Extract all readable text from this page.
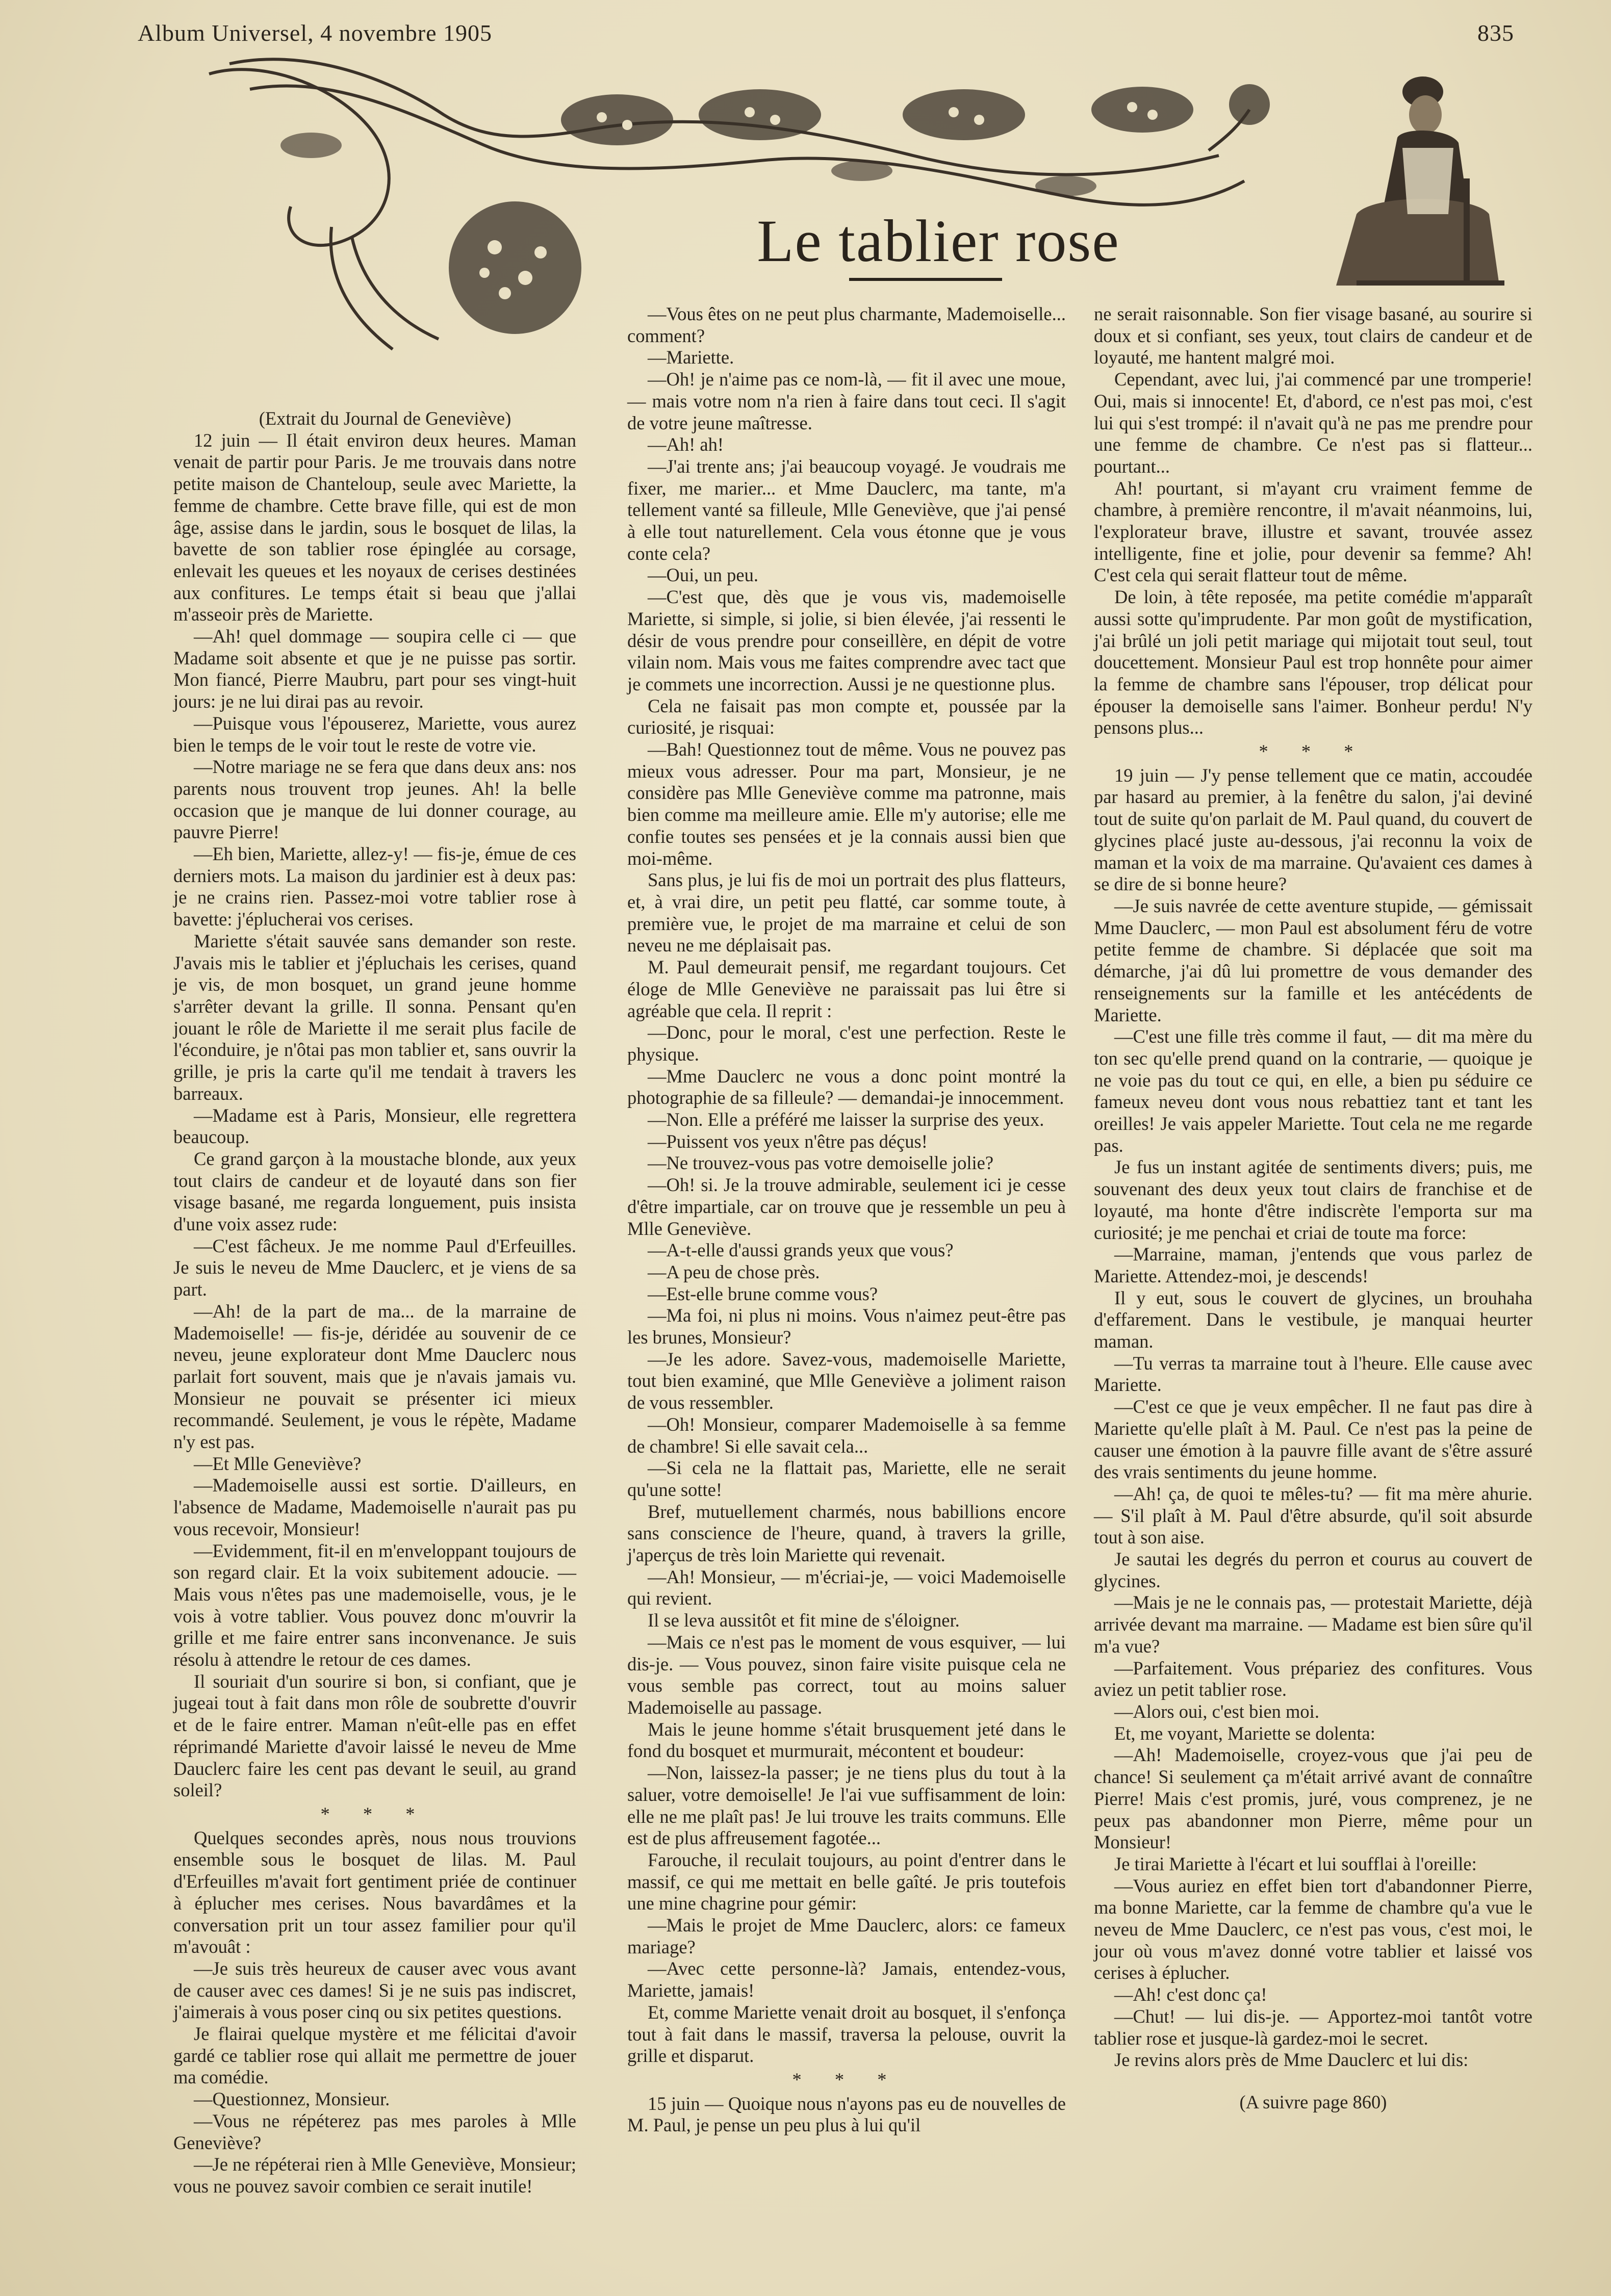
Album Universel, 4 novembre 1905	835
Le tablier rose

(Extrait du Journal de Geneviève)

12 juin — Il était environ deux heures. Maman venait de partir pour Paris. Je me trouvais dans notre petite maison de Chanteloup, seule avec Mariette, la femme de chambre. Cette brave fille, qui est de mon âge, assise dans le jardin, sous le bosquet de lilas, la bavette de son tablier rose épinglée au corsage, enlevait les queues et les noyaux de cerises destinées aux confitures. Le temps était si beau que j'allai m'asseoir près de Mariette.

—Ah! quel dommage — soupira celle ci — que Madame soit absente et que je ne puisse pas sortir. Mon fiancé, Pierre Maubru, part pour ses vingt-huit jours: je ne lui dirai pas au revoir.

—Puisque vous l'épouserez, Mariette, vous aurez bien le temps de le voir tout le reste de votre vie.

—Notre mariage ne se fera que dans deux ans: nos parents nous trouvent trop jeunes. Ah! la belle occasion que je manque de lui donner courage, au pauvre Pierre!

—Eh bien, Mariette, allez-y! — fis-je, émue de ces derniers mots. La maison du jardinier est à deux pas: je ne crains rien. Passez-moi votre tablier rose à bavette: j'éplucherai vos cerises.

Mariette s'était sauvée sans demander son reste. J'avais mis le tablier et j'épluchais les cerises, quand je vis, de mon bosquet, un grand jeune homme s'arrêter devant la grille. Il sonna. Pensant qu'en jouant le rôle de Mariette il me serait plus facile de l'éconduire, je n'ôtai pas mon tablier et, sans ouvrir la grille, je pris la carte qu'il me tendait à travers les barreaux.

—Madame est à Paris, Monsieur, elle regrettera beaucoup.

Ce grand garçon à la moustache blonde, aux yeux tout clairs de candeur et de loyauté dans son fier visage basané, me regarda longuement, puis insista d'une voix assez rude:

—C'est fâcheux. Je me nomme Paul d'Erfeuilles. Je suis le neveu de Mme Dauclerc, et je viens de sa part.

—Ah! de la part de ma... de la marraine de Mademoiselle! — fis-je, déridée au souvenir de ce neveu, jeune explorateur dont Mme Dauclerc nous parlait fort souvent, mais que je n'avais jamais vu. Monsieur ne pouvait se présenter ici mieux recommandé. Seulement, je vous le répète, Madame n'y est pas.

—Et Mlle Geneviève?

—Mademoiselle aussi est sortie. D'ailleurs, en l'absence de Madame, Mademoiselle n'aurait pas pu vous recevoir, Monsieur!

—Evidemment, fit-il en m'enveloppant toujours de son regard clair. Et la voix subitement adoucie. — Mais vous n'êtes pas une mademoiselle, vous, je le vois à votre tablier. Vous pouvez donc m'ouvrir la grille et me faire entrer sans inconvenance. Je suis résolu à attendre le retour de ces dames.

Il souriait d'un sourire si bon, si confiant, que je jugeai tout à fait dans mon rôle de soubrette d'ouvrir et de le faire entrer. Maman n'eût-elle pas en effet réprimandé Mariette d'avoir laissé le neveu de Mme Dauclerc faire les cent pas devant le seuil, au grand soleil?

* * *

Quelques secondes après, nous nous trouvions ensemble sous le bosquet de lilas. M. Paul d'Erfeuilles m'avait fort gentiment priée de continuer à éplucher mes cerises. Nous bavardâmes et la conversation prit un tour assez familier pour qu'il m'avouât :

—Je suis très heureux de causer avec vous avant de causer avec ces dames! Si je ne suis pas indiscret, j'aimerais à vous poser cinq ou six petites questions.

Je flairai quelque mystère et me félicitai d'avoir gardé ce tablier rose qui allait me permettre de jouer ma comédie.

—Questionnez, Monsieur.

—Vous ne répéterez pas mes paroles à Mlle Geneviève?

—Je ne répéterai rien à Mlle Geneviève, Monsieur; vous ne pouvez savoir combien ce serait inutile!

—Vous êtes on ne peut plus charmante, Mademoiselle... comment?

—Mariette.

—Oh! je n'aime pas ce nom-là, — fit il avec une moue, — mais votre nom n'a rien à faire dans tout ceci. Il s'agit de votre jeune maîtresse.

—Ah! ah!

—J'ai trente ans; j'ai beaucoup voyagé. Je voudrais me fixer, me marier... et Mme Dauclerc, ma tante, m'a tellement vanté sa filleule, Mlle Geneviève, que j'ai pensé à elle tout naturellement. Cela vous étonne que je vous conte cela?

—Oui, un peu.

—C'est que, dès que je vous vis, mademoiselle Mariette, si simple, si jolie, si bien élevée, j'ai ressenti le désir de vous prendre pour conseillère, en dépit de votre vilain nom. Mais vous me faites comprendre avec tact que je commets une incorrection. Aussi je ne questionne plus.

Cela ne faisait pas mon compte et, poussée par la curiosité, je risquai:

—Bah! Questionnez tout de même. Vous ne pouvez pas mieux vous adresser. Pour ma part, Monsieur, je ne considère pas Mlle Geneviève comme ma patronne, mais bien comme ma meilleure amie. Elle m'y autorise; elle me confie toutes ses pensées et je la connais aussi bien que moi-même.

Sans plus, je lui fis de moi un portrait des plus flatteurs, et, à vrai dire, un petit peu flatté, car somme toute, à première vue, le projet de ma marraine et celui de son neveu ne me déplaisait pas.

M. Paul demeurait pensif, me regardant toujours. Cet éloge de Mlle Geneviève ne paraissait pas lui être si agréable que cela. Il reprit :

—Donc, pour le moral, c'est une perfection. Reste le physique.

—Mme Dauclerc ne vous a donc point montré la photographie de sa filleule? — demandai-je innocemment.

—Non. Elle a préféré me laisser la surprise des yeux.

—Puissent vos yeux n'être pas déçus!

—Ne trouvez-vous pas votre demoiselle jolie?

—Oh! si. Je la trouve admirable, seulement ici je cesse d'être impartiale, car on trouve que je ressemble un peu à Mlle Geneviève.

—A-t-elle d'aussi grands yeux que vous?

—A peu de chose près.

—Est-elle brune comme vous?

—Ma foi, ni plus ni moins. Vous n'aimez peut-être pas les brunes, Monsieur?

—Je les adore. Savez-vous, mademoiselle Mariette, tout bien examiné, que Mlle Geneviève a joliment raison de vous ressembler.

—Oh! Monsieur, comparer Mademoiselle à sa femme de chambre! Si elle savait cela...

—Si cela ne la flattait pas, Mariette, elle ne serait qu'une sotte!

Bref, mutuellement charmés, nous babillions encore sans conscience de l'heure, quand, à travers la grille, j'aperçus de très loin Mariette qui revenait.

—Ah! Monsieur, — m'écriai-je, — voici Mademoiselle qui revient.

Il se leva aussitôt et fit mine de s'éloigner.

—Mais ce n'est pas le moment de vous esquiver, — lui dis-je. — Vous pouvez, sinon faire visite puisque cela ne vous semble pas correct, tout au moins saluer Mademoiselle au passage.

Mais le jeune homme s'était brusquement jeté dans le fond du bosquet et murmurait, mécontent et boudeur:

—Non, laissez-la passer; je ne tiens plus du tout à la saluer, votre demoiselle! Je l'ai vue suffisamment de loin: elle ne me plaît pas! Je lui trouve les traits communs. Elle est de plus affreusement fagotée...

Farouche, il reculait toujours, au point d'entrer dans le massif, ce qui me mettait en belle gaîté. Je pris toutefois une mine chagrine pour gémir:

—Mais le projet de Mme Dauclerc, alors: ce fameux mariage?

—Avec cette personne-là? Jamais, entendez-vous, Mariette, jamais!

Et, comme Mariette venait droit au bosquet, il s'enfonça tout à fait dans le massif, traversa la pelouse, ouvrit la grille et disparut.

* * *

15 juin — Quoique nous n'ayons pas eu de nouvelles de M. Paul, je pense un peu plus à lui qu'il

ne serait raisonnable. Son fier visage basané, au sourire si doux et si confiant, ses yeux, tout clairs de candeur et de loyauté, me hantent malgré moi.

Cependant, avec lui, j'ai commencé par une tromperie! Oui, mais si innocente! Et, d'abord, ce n'est pas moi, c'est lui qui s'est trompé: il n'avait qu'à ne pas me prendre pour une femme de chambre. Ce n'est pas si flatteur... pourtant...

Ah! pourtant, si m'ayant cru vraiment femme de chambre, à première rencontre, il m'avait néanmoins, lui, l'explorateur brave, illustre et savant, trouvée assez intelligente, fine et jolie, pour devenir sa femme? Ah! C'est cela qui serait flatteur tout de même.

De loin, à tête reposée, ma petite comédie m'apparaît aussi sotte qu'imprudente. Par mon goût de mystification, j'ai brûlé un joli petit mariage qui mijotait tout seul, tout doucettement. Monsieur Paul est trop honnête pour aimer la femme de chambre sans l'épouser, trop délicat pour épouser la demoiselle sans l'aimer. Bonheur perdu! N'y pensons plus...

* * *

19 juin — J'y pense tellement que ce matin, accoudée par hasard au premier, à la fenêtre du salon, j'ai deviné tout de suite qu'on parlait de M. Paul quand, du couvert de glycines placé juste au-dessous, j'ai reconnu la voix de maman et la voix de ma marraine. Qu'avaient ces dames à se dire de si bonne heure?

—Je suis navrée de cette aventure stupide, — gémissait Mme Dauclerc, — mon Paul est absolument féru de votre petite femme de chambre. Si déplacée que soit ma démarche, j'ai dû lui promettre de vous demander des renseignements sur la famille et les antécédents de Mariette.

—C'est une fille très comme il faut, — dit ma mère du ton sec qu'elle prend quand on la contrarie, — quoique je ne voie pas du tout ce qui, en elle, a bien pu séduire ce fameux neveu dont vous nous rebattiez tant et tant les oreilles! Je vais appeler Mariette. Tout cela ne me regarde pas.

Je fus un instant agitée de sentiments divers; puis, me souvenant des deux yeux tout clairs de franchise et de loyauté, ma honte d'être indiscrète l'emporta sur ma curiosité; je me penchai et criai de toute ma force:

—Marraine, maman, j'entends que vous parlez de Mariette. Attendez-moi, je descends!

Il y eut, sous le couvert de glycines, un brouhaha d'effarement. Dans le vestibule, je manquai heurter maman.

—Tu verras ta marraine tout à l'heure. Elle cause avec Mariette.

—C'est ce que je veux empêcher. Il ne faut pas dire à Mariette qu'elle plaît à M. Paul. Ce n'est pas la peine de causer une émotion à la pauvre fille avant de s'être assuré des vrais sentiments du jeune homme.

—Ah! ça, de quoi te mêles-tu? — fit ma mère ahurie. — S'il plaît à M. Paul d'être absurde, qu'il soit absurde tout à son aise.

Je sautai les degrés du perron et courus au couvert de glycines.

—Mais je ne le connais pas, — protestait Mariette, déjà arrivée devant ma marraine. — Madame est bien sûre qu'il m'a vue?

—Parfaitement. Vous prépariez des confitures. Vous aviez un petit tablier rose.

—Alors oui, c'est bien moi.

Et, me voyant, Mariette se dolenta:

—Ah! Mademoiselle, croyez-vous que j'ai peu de chance! Si seulement ça m'était arrivé avant de connaître Pierre! Mais c'est promis, juré, vous comprenez, je ne peux pas abandonner mon Pierre, même pour un Monsieur!

Je tirai Mariette à l'écart et lui soufflai à l'oreille:

—Vous auriez en effet bien tort d'abandonner Pierre, ma bonne Mariette, car la femme de chambre qu'a vue le neveu de Mme Dauclerc, ce n'est pas vous, c'est moi, le jour où vous m'avez donné votre tablier et laissé vos cerises à éplucher.

—Ah! c'est donc ça!

—Chut! — lui dis-je. — Apportez-moi tantôt votre tablier rose et jusque-là gardez-moi le secret.

Je revins alors près de Mme Dauclerc et lui dis:

(A suivre page 860)
